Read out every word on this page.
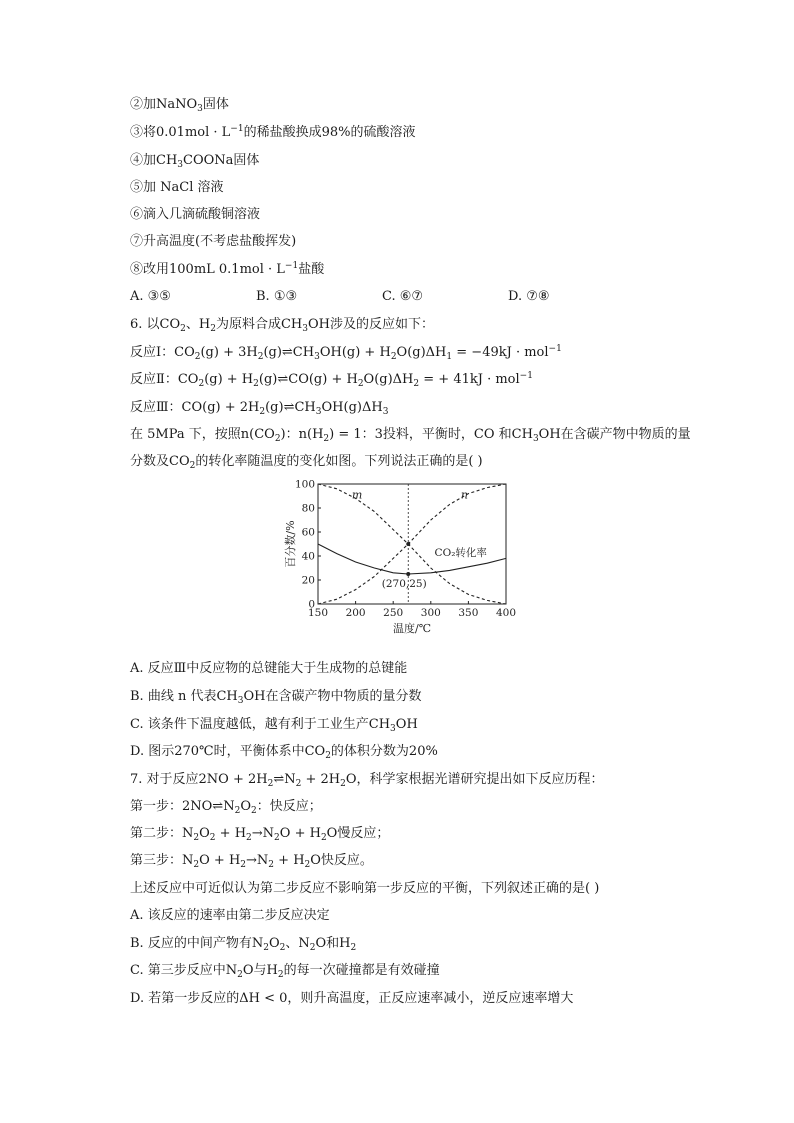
②加NaNO$_3$固体
③将$0.01mol \cdot L^{-1}$的稀盐酸换成98%的硫酸溶液
④加$CH_3COONa$固体
⑤加 NaCl 溶液
⑥滴入几滴硫酸铜溶液
⑦升高温度(不考虑盐酸挥发)
⑧改用100mL $0.1mol \cdot L^{-1}$盐酸
A. ③⑤	B. ①③	C. ⑥⑦	D. ⑦⑧
6. 以$CO_2$、$H_2$为原料合成$CH_3OH$涉及的反应如下：
反应Ⅰ：$CO_2(g)$ + $3H_2(g)\rightleftharpoons CH_3OH(g) + H_2O(g)\Delta H_1 = -49kJ \cdot mol^{-1}$
反应Ⅱ：$CO_2(g)$ + $H_2(g)\rightleftharpoons CO(g) + H_2O(g)\Delta H_2$ = + 41kJ · mol$^{-1}$
反应Ⅲ：$CO(g) + 2H_2(g)\rightleftharpoons CH_3OH(g)\Delta H_3$
在 5MPa 下，按照$n(CO_2)$：$n(H_2) = 1$：3投料，平衡时，CO 和$CH_3OH$在含碳产物中物质的量
分数及$CO_2$的转化率随温度的变化如图。下列说法正确的是( )
150 200 250 300 350 400
0
20
40
60
80
100
温度/℃
百分数/%
m	n
CO₂转化率
(270,25)
A. 反应Ⅲ中反应物的总键能大于生成物的总键能
B. 曲线 n 代表$CH_3OH$在含碳产物中物质的量分数
C. 该条件下温度越低，越有利于工业生产$CH_3OH$
D. 图示270℃时，平衡体系中$CO_2$的体积分数为20%
7. 对于反应$2NO + 2H_2\rightleftharpoons N_2 + 2H_2O$，科学家根据光谱研究提出如下反应历程：
第一步：$2NO\rightleftharpoons N_2O_2$：快反应；
第二步：$N_2O_2 + H_2\to N_2O + H_2O$慢反应；
第三步：$N_2O + H_2\to N_2 + H_2O$快反应。
上述反应中可近似认为第二步反应不影响第一步反应的平衡，下列叙述正确的是( )
A. 该反应的速率由第二步反应决定
B. 反应的中间产物有$N_2O_2$、$N_2O$和$H_2$
C. 第三步反应中$N_2O$与$H_2$的每一次碰撞都是有效碰撞
D. 若第一步反应的ΔH < 0，则升高温度，正反应速率减小，逆反应速率增大
